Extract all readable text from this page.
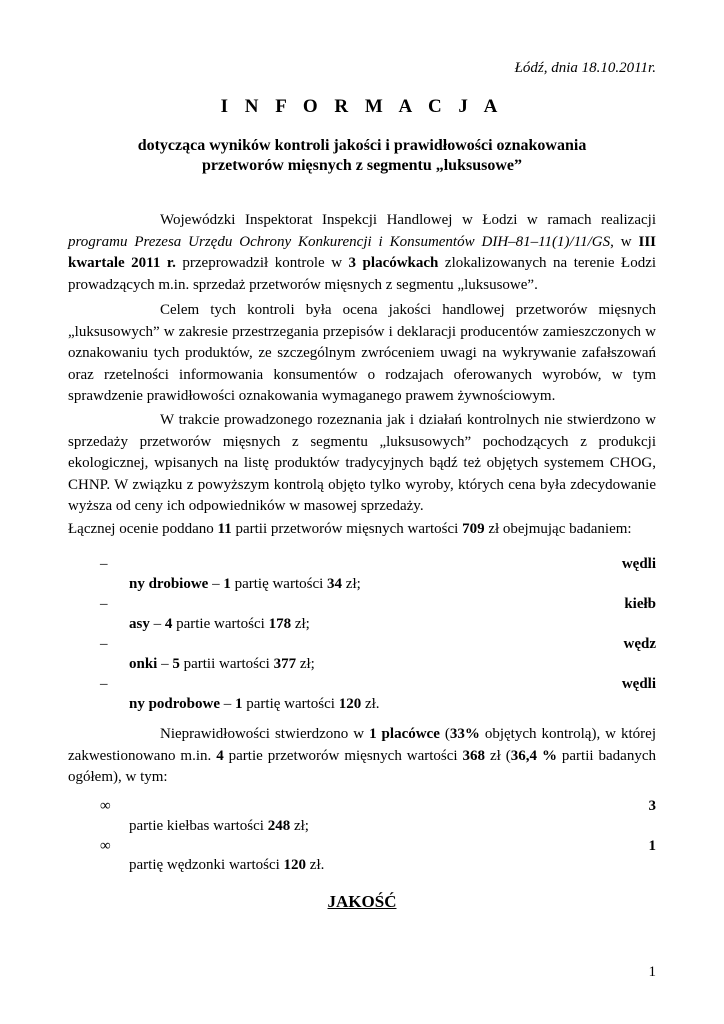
Łódź, dnia 18.10.2011r.
I N F O R M A C J A
dotycząca wyników kontroli jakości i prawidłowości oznakowania
przetworów mięsnych z segmentu „luksusowe”

Wojewódzki Inspektorat Inspekcji Handlowej w Łodzi w ramach realizacji programu Prezesa Urzędu Ochrony Konkurencji i Konsumentów DIH–81–11(1)/11/GS, w III kwartale 2011 r. przeprowadził kontrole w 3 placówkach zlokalizowanych na terenie Łodzi prowadzących m.in. sprzedaż przetworów mięsnych z segmentu „luksusowe”.

Celem tych kontroli była ocena jakości handlowej przetworów mięsnych „luksusowych” w zakresie przestrzegania przepisów i deklaracji producentów zamieszczonych w oznakowaniu tych produktów, ze szczególnym zwróceniem uwagi na wykrywanie zafałszowań oraz rzetelności informowania konsumentów o rodzajach oferowanych wyrobów, w tym sprawdzenie prawidłowości oznakowania wymaganego prawem żywnościowym.

W trakcie prowadzonego rozeznania jak i działań kontrolnych nie stwierdzono w sprzedaży przetworów mięsnych z segmentu „luksusowych” pochodzących z produkcji ekologicznej, wpisanych na listę produktów tradycyjnych bądź też objętych systemem CHOG, CHNP. W związku z powyższym kontrolą objęto tylko wyroby, których cena była zdecydowanie wyższa od ceny ich odpowiedników w masowej sprzedaży.

Łącznej ocenie poddano 11 partii przetworów mięsnych wartości 709 zł obejmując badaniem:

–	wędli
ny drobiowe – 1 partię wartości 34 zł;
–	kiełb
asy – 4 partie wartości 178 zł;
–	wędz
onki – 5 partii wartości 377 zł;
–	wędli
ny podrobowe – 1 partię wartości 120 zł.

Nieprawidłowości stwierdzono w 1 placówce (33% objętych kontrolą), w której zakwestionowano m.in. 4 partie przetworów mięsnych wartości 368 zł (36,4 % partii badanych ogółem), w tym:

∞	3
partie kiełbas wartości 248 zł;
∞	1
partię wędzonki wartości 120 zł.
JAKOŚĆ
1
